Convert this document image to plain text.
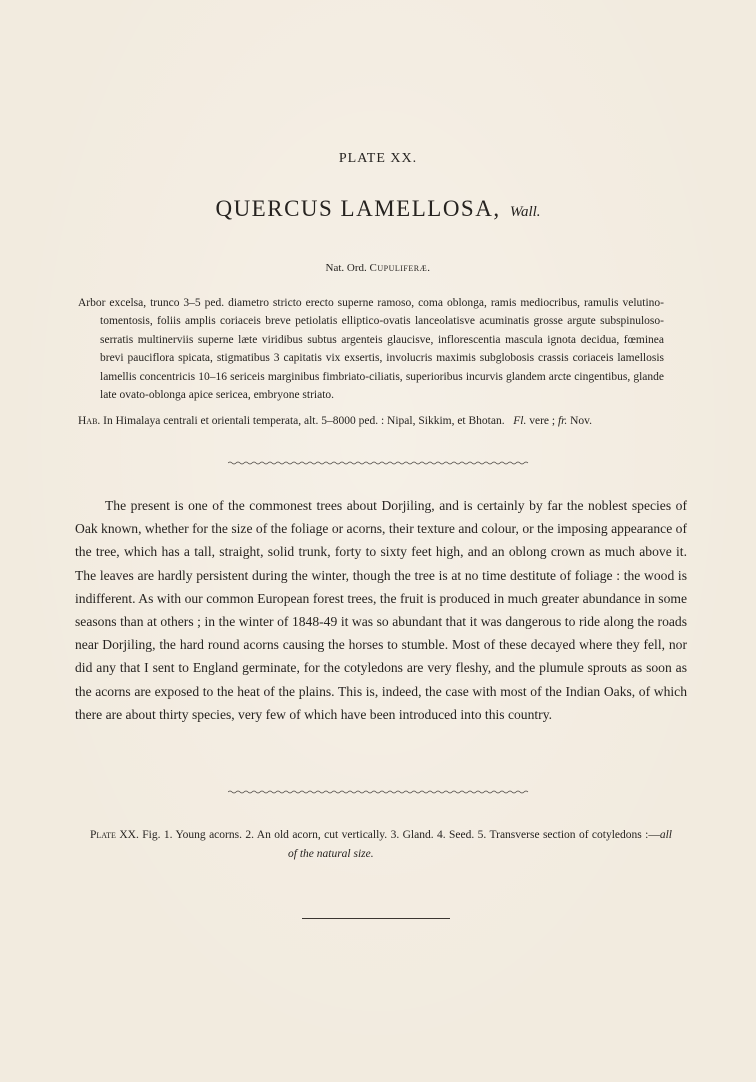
PLATE XX.
QUERCUS LAMELLOSA, Wall.
Nat. Ord. Cupuliferæ.
Arbor excelsa, trunco 3–5 ped. diametro stricto erecto superne ramoso, coma oblonga, ramis mediocribus, ramulis velutino-tomentosis, foliis amplis coriaceis breve petiolatis elliptico-ovatis lanceolatisve acuminatis grosse argute subspinuloso-serratis multinerviis superne læte viridibus subtus argenteis glaucisve, inflorescentia mascula ignota decidua, fœminea brevi pauciflora spicata, stigmatibus 3 capitatis vix exsertis, involucris maximis subglobosis crassis coriaceis lamellosis lamellis concentricis 10–16 sericeis marginibus fimbriato-ciliatis, superioribus incurvis glandem arcte cingentibus, glande late ovato-oblonga apice sericea, embryone striato.
Hab. In Himalaya centrali et orientali temperata, alt. 5–8000 ped. : Nipal, Sikkim, et Bhotan. Fl. vere ; fr. Nov.
The present is one of the commonest trees about Dorjiling, and is certainly by far the noblest species of Oak known, whether for the size of the foliage or acorns, their texture and colour, or the imposing appearance of the tree, which has a tall, straight, solid trunk, forty to sixty feet high, and an oblong crown as much above it. The leaves are hardly persistent during the winter, though the tree is at no time destitute of foliage : the wood is indifferent. As with our common European forest trees, the fruit is produced in much greater abundance in some seasons than at others ; in the winter of 1848-49 it was so abundant that it was dangerous to ride along the roads near Dorjiling, the hard round acorns causing the horses to stumble. Most of these decayed where they fell, nor did any that I sent to England germinate, for the cotyledons are very fleshy, and the plumule sprouts as soon as the acorns are exposed to the heat of the plains. This is, indeed, the case with most of the Indian Oaks, of which there are about thirty species, very few of which have been introduced into this country.
Plate XX. Fig. 1. Young acorns. 2. An old acorn, cut vertically. 3. Gland. 4. Seed. 5. Transverse section of cotyledons :—all of the natural size.
